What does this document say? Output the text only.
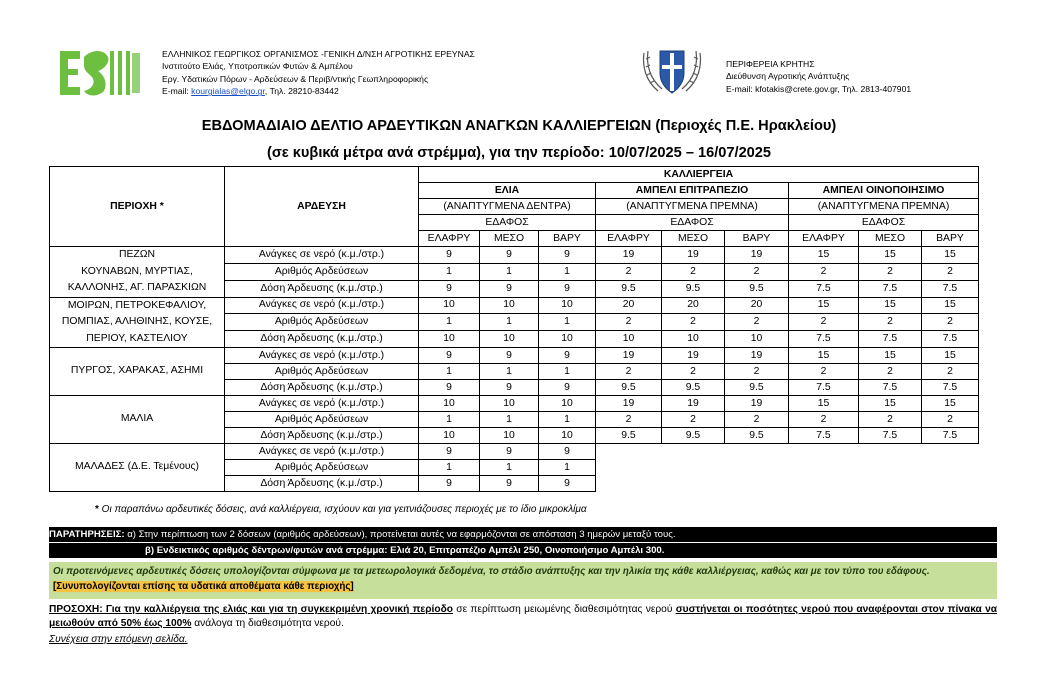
ΕΛΛΗΝΙΚΟΣ ΓΕΩΡΓΙΚΟΣ ΟΡΓΑΝΙΣΜΟΣ -ΓΕΝΙΚΗ Δ/ΝΣΗ ΑΓΡΟΤΙΚΗΣ ΕΡΕΥΝΑΣ
Ινστιτούτο Ελιάς, Υποτροπικών Φυτών & Αμπέλου
Εργ. Υδατικών Πόρων - Αρδεύσεων & Περιβ/ντικής Γεωπληροφορικής
E-mail: kourgialas@elgo.gr, Τηλ. 28210-83442
ΠΕΡΙΦΕΡΕΙΑ ΚΡΗΤΗΣ
Διεύθυνση Αγροτικής Ανάπτυξης
E-mail: kfotakis@crete.gov.gr, Τηλ. 2813-407901
ΕΒΔΟΜΑΔΙΑΙΟ ΔΕΛΤΙΟ ΑΡΔΕΥΤΙΚΩΝ ΑΝΑΓΚΩΝ ΚΑΛΛΙΕΡΓΕΙΩΝ (Περιοχές Π.Ε. Ηρακλείου)
(σε κυβικά μέτρα ανά στρέμμα), για την περίοδο: 10/07/2025 – 16/07/2025
ΠΕΡΙΟΧΗ *	ΑΡΔΕΥΣΗ	ΚΑΛΛΙΕΡΓΕΙΑ								
		ΕΛΙΑ			ΑΜΠΕΛΙ ΕΠΙΤΡΑΠΕΖΙΟ			ΑΜΠΕΛΙ ΟΙΝΟΠΟΙΗΣΙΜΟ		
		(ΑΝΑΠΤΥΓΜΕΝΑ ΔΕΝΤΡΑ)			(ΑΝΑΠΤΥΓΜΕΝΑ ΠΡΕΜΝΑ)			(ΑΝΑΠΤΥΓΜΕΝΑ ΠΡΕΜΝΑ)		
		ΕΔΑΦΟΣ			ΕΔΑΦΟΣ			ΕΔΑΦΟΣ		
		ΕΛΑΦΡΥ	ΜΕΣΟ	ΒΑΡΥ	ΕΛΑΦΡΥ	ΜΕΣΟ	ΒΑΡΥ	ΕΛΑΦΡΥ	ΜΕΣΟ	ΒΑΡΥ

ΠΕΖΩΝ
ΚΟΥΝΑΒΩΝ, ΜΥΡΤΙΑΣ,
ΚΑΛΛΟΝΗΣ, ΑΓ. ΠΑΡΑΣΚΙΩΝ	Ανάγκες σε νερό (κ.μ./στρ.)	9	9	9	19	19	19	15	15	15
	Αριθμός Αρδεύσεων	1	1	1	2	2	2	2	2	2
	Δόση Άρδευσης (κ.μ./στρ.)	9	9	9	9.5	9.5	9.5	7.5	7.5	7.5

ΜΟΙΡΩΝ, ΠΕΤΡΟΚΕΦΑΛΙΟΥ,
ΠΟΜΠΙΑΣ, ΑΛΗΘΙΝΗΣ, ΚΟΥΣΕ,
ΠΕΡΙΟΥ, ΚΑΣΤΕΛΙΟΥ	Ανάγκες σε νερό (κ.μ./στρ.)	10	10	10	20	20	20	15	15	15
	Αριθμός Αρδεύσεων	1	1	1	2	2	2	2	2	2
	Δόση Άρδευσης (κ.μ./στρ.)	10	10	10	10	10	10	7.5	7.5	7.5

ΠΥΡΓΟΣ, ΧΑΡΑΚΑΣ, ΑΣΗΜΙ	Ανάγκες σε νερό (κ.μ./στρ.)	9	9	9	19	19	19	15	15	15
	Αριθμός Αρδεύσεων	1	1	1	2	2	2	2	2	2
	Δόση Άρδευσης (κ.μ./στρ.)	9	9	9	9.5	9.5	9.5	7.5	7.5	7.5

ΜΑΛΙΑ	Ανάγκες σε νερό (κ.μ./στρ.)	10	10	10	19	19	19	15	15	15
	Αριθμός Αρδεύσεων	1	1	1	2	2	2	2	2	2
	Δόση Άρδευσης (κ.μ./στρ.)	10	10	10	9.5	9.5	9.5	7.5	7.5	7.5

ΜΑΛΑΔΕΣ (Δ.Ε. Τεμένους)	Ανάγκες σε νερό (κ.μ./στρ.)	9	9	9						
	Αριθμός Αρδεύσεων	1	1	1						
	Δόση Άρδευσης (κ.μ./στρ.)	9	9	9						
* Οι παραπάνω αρδευτικές δόσεις, ανά καλλιέργεια, ισχύουν και για γειτνιάζουσες περιοχές με το ίδιο μικροκλίμα
ΠΑΡΑΤΗΡΗΣΕΙΣ: α) Στην περίπτωση των 2 δόσεων (αριθμός αρδεύσεων), προτείνεται αυτές να εφαρμόζονται σε απόσταση 3 ημερών μεταξύ τους.
β) Ενδεικτικός αριθμός δέντρων/φυτών ανά στρέμμα: Ελιά 20, Επιτραπέζιο Αμπέλι 250, Οινοποιήσιμο Αμπέλι 300.
Οι προτεινόμενες αρδευτικές δόσεις υπολογίζονται σύμφωνα με τα μετεωρολογικά δεδομένα, το στάδιο ανάπτυξης και την ηλικία της κάθε καλλιέργειας, καθώς και με τον τύπο του εδάφους. [Συνυπολογίζονται επίσης τα υδατικά αποθέματα κάθε περιοχής]
ΠΡΟΣΟΧΗ: Για την καλλιέργεια της ελιάς και για τη συγκεκριμένη χρονική περίοδο σε περίπτωση μειωμένης διαθεσιμότητας νερού συστήνεται οι ποσότητες νερού που αναφέρονται στον πίνακα να μειωθούν από 50% έως 100% ανάλογα τη διαθεσιμότητα νερού.
Συνέχεια στην επόμενη σελίδα.
